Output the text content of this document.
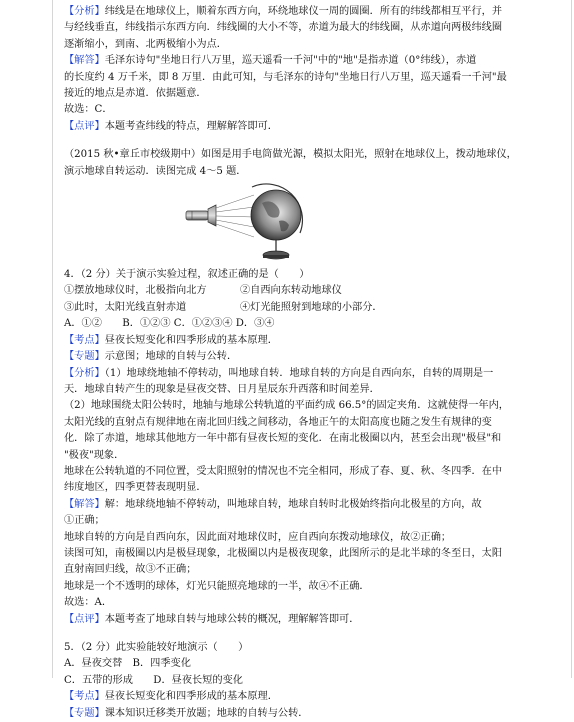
【分析】纬线是在地球仪上，顺着东西方向，环绕地球仪一周的圆圈．所有的纬线都相互平行，并

与经线垂直，纬线指示东西方向．纬线圈的大小不等，赤道为最大的纬线圈，从赤道向两极纬线圈

逐渐缩小，到南、北两极缩小为点．

【解答】毛泽东诗句"坐地日行八万里，巡天遥看一千河"中的"地"是指赤道（0°纬线），赤道

的长度约 4 万千米，即 8 万里．由此可知，与毛泽东的诗句"坐地日行八万里，巡天遥看一千河"最

接近的地点是赤道．依据题意．

故选：C．

【点评】本题考查纬线的特点，理解解答即可．

（2015 秋•章丘市校级期中）如图是用手电筒做光源，模拟太阳光，照射在地球仪上，拨动地球仪，

演示地球自转运动．读图完成 4～5 题．

4．（2 分）关于演示实验过程，叙述正确的是（　　）

①摆放地球仪时，北极指向北方	②自西向东转动地球仪

③此时，太阳光线直射赤道	④灯光能照射到地球的小部分．

A．①②　　B．①②③ C．①②③④ D．③④

【考点】昼夜长短变化和四季形成的基本原理．

【专题】示意图；地球的自转与公转．

【分析】（1）地球绕地轴不停转动，叫地球自转．地球自转的方向是自西向东，自转的周期是一

天．地球自转产生的现象是昼夜交替、日月星辰东升西落和时间差异．

（2）地球围绕太阳公转时，地轴与地球公转轨道的平面约成 66.5°的固定夹角．这就使得一年内，

太阳光线的直射点有规律地在南北回归线之间移动，各地正午的太阳高度也随之发生有规律的变

化．除了赤道，地球其他地方一年中都有昼夜长短的变化．在南北极圈以内，甚至会出现"极昼"和

"极夜"现象．

地球在公转轨道的不同位置，受太阳照射的情况也不完全相同，形成了春、夏、秋、冬四季．在中

纬度地区，四季更替表现明显．

【解答】解：地球绕地轴不停转动，叫地球自转，地球自转时北极始终指向北极星的方向，故

①正确；

地球自转的方向是自西向东，因此面对地球仪时，应自西向东拨动地球仪，故②正确；

读图可知，南极圈以内是极昼现象，北极圈以内是极夜现象，此图所示的是北半球的冬至日，太阳

直射南回归线，故③不正确；

地球是一个不透明的球体，灯光只能照亮地球的一半，故④不正确．

故选：A．

【点评】本题考查了地球自转与地球公转的概况，理解解答即可．

5．（2 分）此实验能较好地演示（　　）

A．昼夜交替　B．四季变化

C．五带的形成　　D．昼夜长短的变化

【考点】昼夜长短变化和四季形成的基本原理．

【专题】课本知识迁移类开放题；地球的自转与公转．
